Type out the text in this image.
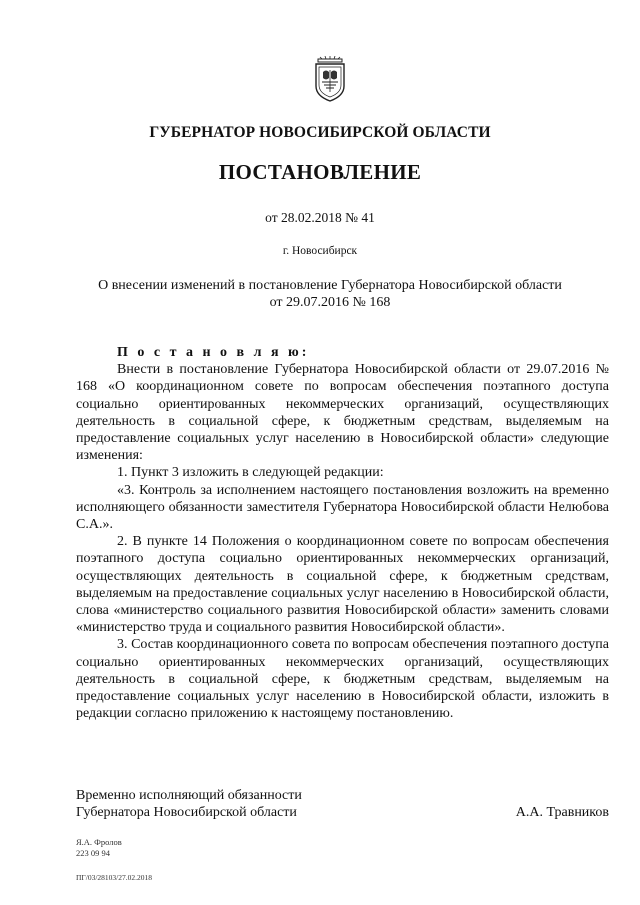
ГУБЕРНАТОР НОВОСИБИРСКОЙ ОБЛАСТИ
ПОСТАНОВЛЕНИЕ
от 28.02.2018 № 41
г. Новосибирск
О внесении изменений в постановление Губернатора Новосибирской области
от 29.07.2016 № 168
П о с т а н о в л я ю:

Внести в постановление Губернатора Новосибирской области от 29.07.2016 № 168 «О координационном совете по вопросам обеспечения поэтапного доступа социально ориентированных некоммерческих организаций, осуществляющих деятельность в социальной сфере, к бюджетным средствам, выделяемым на предоставление социальных услуг населению в Новосибирской области» следующие изменения:

1. Пункт 3 изложить в следующей редакции:

«3. Контроль за исполнением настоящего постановления возложить на временно исполняющего обязанности заместителя Губернатора Новосибирской области Нелюбова С.А.».

2. В пункте 14 Положения о координационном совете по вопросам обеспечения поэтапного доступа социально ориентированных некоммерческих организаций, осуществляющих деятельность в социальной сфере, к бюджетным средствам, выделяемым на предоставление социальных услуг населению в Новосибирской области, слова «министерство социального развития Новосибирской области» заменить словами «министерство труда и социального развития Новосибирской области».

3. Состав координационного совета по вопросам обеспечения поэтапного доступа социально ориентированных некоммерческих организаций, осуществляющих деятельность в социальной сфере, к бюджетным средствам, выделяемым на предоставление социальных услуг населению в Новосибирской области, изложить в редакции согласно приложению к настоящему постановлению.

Временно исполняющий обязанности
Губернатора Новосибирской области	А.А. Травников
Я.А. Фролов
223 09 94
ПГ/03/28103/27.02.2018
